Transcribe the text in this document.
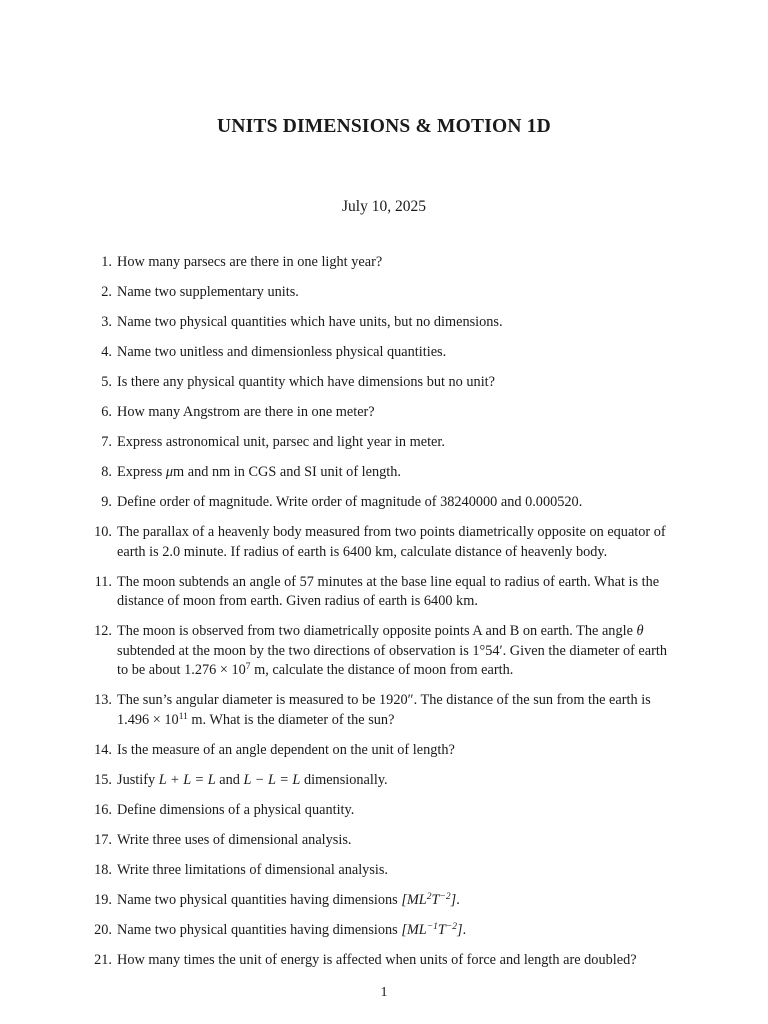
UNITS DIMENSIONS & MOTION 1D
July 10, 2025
1. How many parsecs are there in one light year?
2. Name two supplementary units.
3. Name two physical quantities which have units, but no dimensions.
4. Name two unitless and dimensionless physical quantities.
5. Is there any physical quantity which have dimensions but no unit?
6. How many Angstrom are there in one meter?
7. Express astronomical unit, parsec and light year in meter.
8. Express μm and nm in CGS and SI unit of length.
9. Define order of magnitude. Write order of magnitude of 38240000 and 0.000520.
10. The parallax of a heavenly body measured from two points diametrically opposite on equator of earth is 2.0 minute. If radius of earth is 6400 km, calculate distance of heavenly body.
11. The moon subtends an angle of 57 minutes at the base line equal to radius of earth. What is the distance of moon from earth. Given radius of earth is 6400 km.
12. The moon is observed from two diametrically opposite points A and B on earth. The angle θ subtended at the moon by the two directions of observation is 1°54′. Given the diameter of earth to be about $1.276 \times 10^7$ m, calculate the distance of moon from earth.
13. The sun’s angular diameter is measured to be 1920″. The distance of the sun from the earth is $1.496 \times 10^{11}$ m. What is the diameter of the sun?
14. Is the measure of an angle dependent on the unit of length?
15. Justify L + L = L and L − L = L dimensionally.
16. Define dimensions of a physical quantity.
17. Write three uses of dimensional analysis.
18. Write three limitations of dimensional analysis.
19. Name two physical quantities having dimensions $[ML^2T^{-2}]$.
20. Name two physical quantities having dimensions $[ML^{-1}T^{-2}]$.
21. How many times the unit of energy is affected when units of force and length are doubled?
1
